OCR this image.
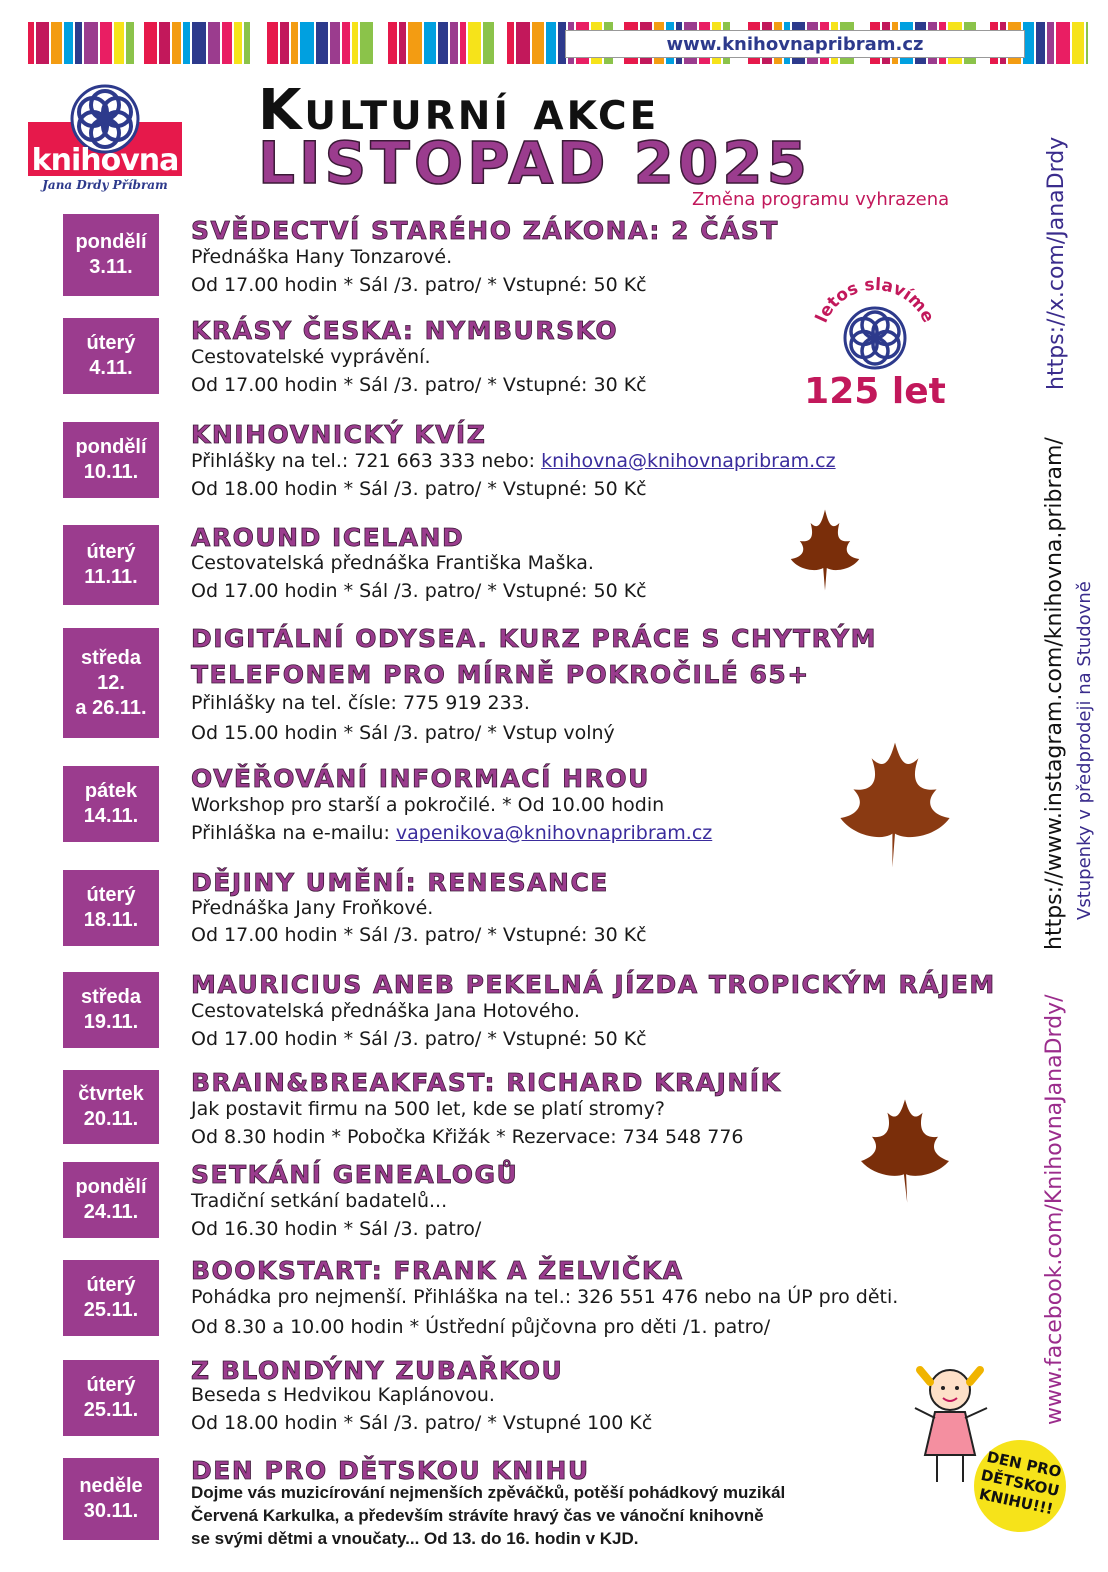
www.knihovnapribram.cz
knihovna
Jana Drdy Příbram
Kulturní akce
LISTOPAD 2025
Změna programu vyhrazena
letos slavíme
125 let
https://x.com/JanaDrdy
https://www.instagram.com/knihovna.pribram/
www.facebook.com/KnihovnaJanaDrdy/
Vstupenky v předprodeji na Studovně
pondělí
3.11.
SVĚDECTVÍ STARÉHO ZÁKONA: 2 ČÁST
Přednáška Hany Tonzarové.
Od 17.00 hodin * Sál /3. patro/ * Vstupné: 50 Kč
úterý
4.11.
KRÁSY ČESKA: NYMBURSKO
Cestovatelské vyprávění.
Od 17.00 hodin * Sál /3. patro/ * Vstupné: 30 Kč
pondělí
10.11.
KNIHOVNICKÝ KVÍZ
Přihlášky na tel.: 721 663 333 nebo: knihovna@knihovnapribram.cz
Od 18.00 hodin * Sál /3. patro/ * Vstupné: 50 Kč
úterý
11.11.
AROUND ICELAND
Cestovatelská přednáška Františka Maška.
Od 17.00 hodin * Sál /3. patro/ * Vstupné: 50 Kč
středa
12.
a 26.11.
DIGITÁLNÍ ODYSEA. KURZ PRÁCE S CHYTRÝM
TELEFONEM PRO MÍRNĚ POKROČILÉ 65+
Přihlášky na tel. čísle: 775 919 233.
Od 15.00 hodin * Sál /3. patro/ * Vstup volný
pátek
14.11.
OVĚŘOVÁNÍ INFORMACÍ HROU
Workshop pro starší a pokročilé. * Od 10.00 hodin
Přihláška na e-mailu: vapenikova@knihovnapribram.cz
úterý
18.11.
DĚJINY UMĚNÍ: RENESANCE
Přednáška Jany Froňkové.
Od 17.00 hodin * Sál /3. patro/ * Vstupné: 30 Kč
středa
19.11.
MAURICIUS ANEB PEKELNÁ JÍZDA TROPICKÝM RÁJEM
Cestovatelská přednáška Jana Hotového.
Od 17.00 hodin * Sál /3. patro/ * Vstupné: 50 Kč
čtvrtek
20.11.
BRAIN&BREAKFAST: RICHARD KRAJNÍK
Jak postavit firmu na 500 let, kde se platí stromy?
Od 8.30 hodin * Pobočka Křižák * Rezervace: 734 548 776
pondělí
24.11.
SETKÁNÍ GENEALOGŮ
Tradiční setkání badatelů...
Od 16.30 hodin * Sál /3. patro/
úterý
25.11.
BOOKSTART: FRANK A ŽELVIČKA
Pohádka pro nejmenší. Přihláška na tel.: 326 551 476 nebo na ÚP pro děti.
Od 8.30 a 10.00 hodin * Ústřední půjčovna pro děti /1. patro/
úterý
25.11.
Z BLONDÝNY ZUBAŘKOU
Beseda s Hedvikou Kaplánovou.
Od 18.00 hodin * Sál /3. patro/ * Vstupné 100 Kč
neděle
30.11.
DEN PRO DĚTSKOU KNIHU
Dojme vás muzicírování nejmenších zpěváčků, potěší pohádkový muzikál
Červená Karkulka, a především strávíte hravý čas ve vánoční knihovně
se svými dětmi a vnoučaty... Od 13. do 16. hodin v KJD.
DEN PRO DĚTSKOU KNIHU!!!
